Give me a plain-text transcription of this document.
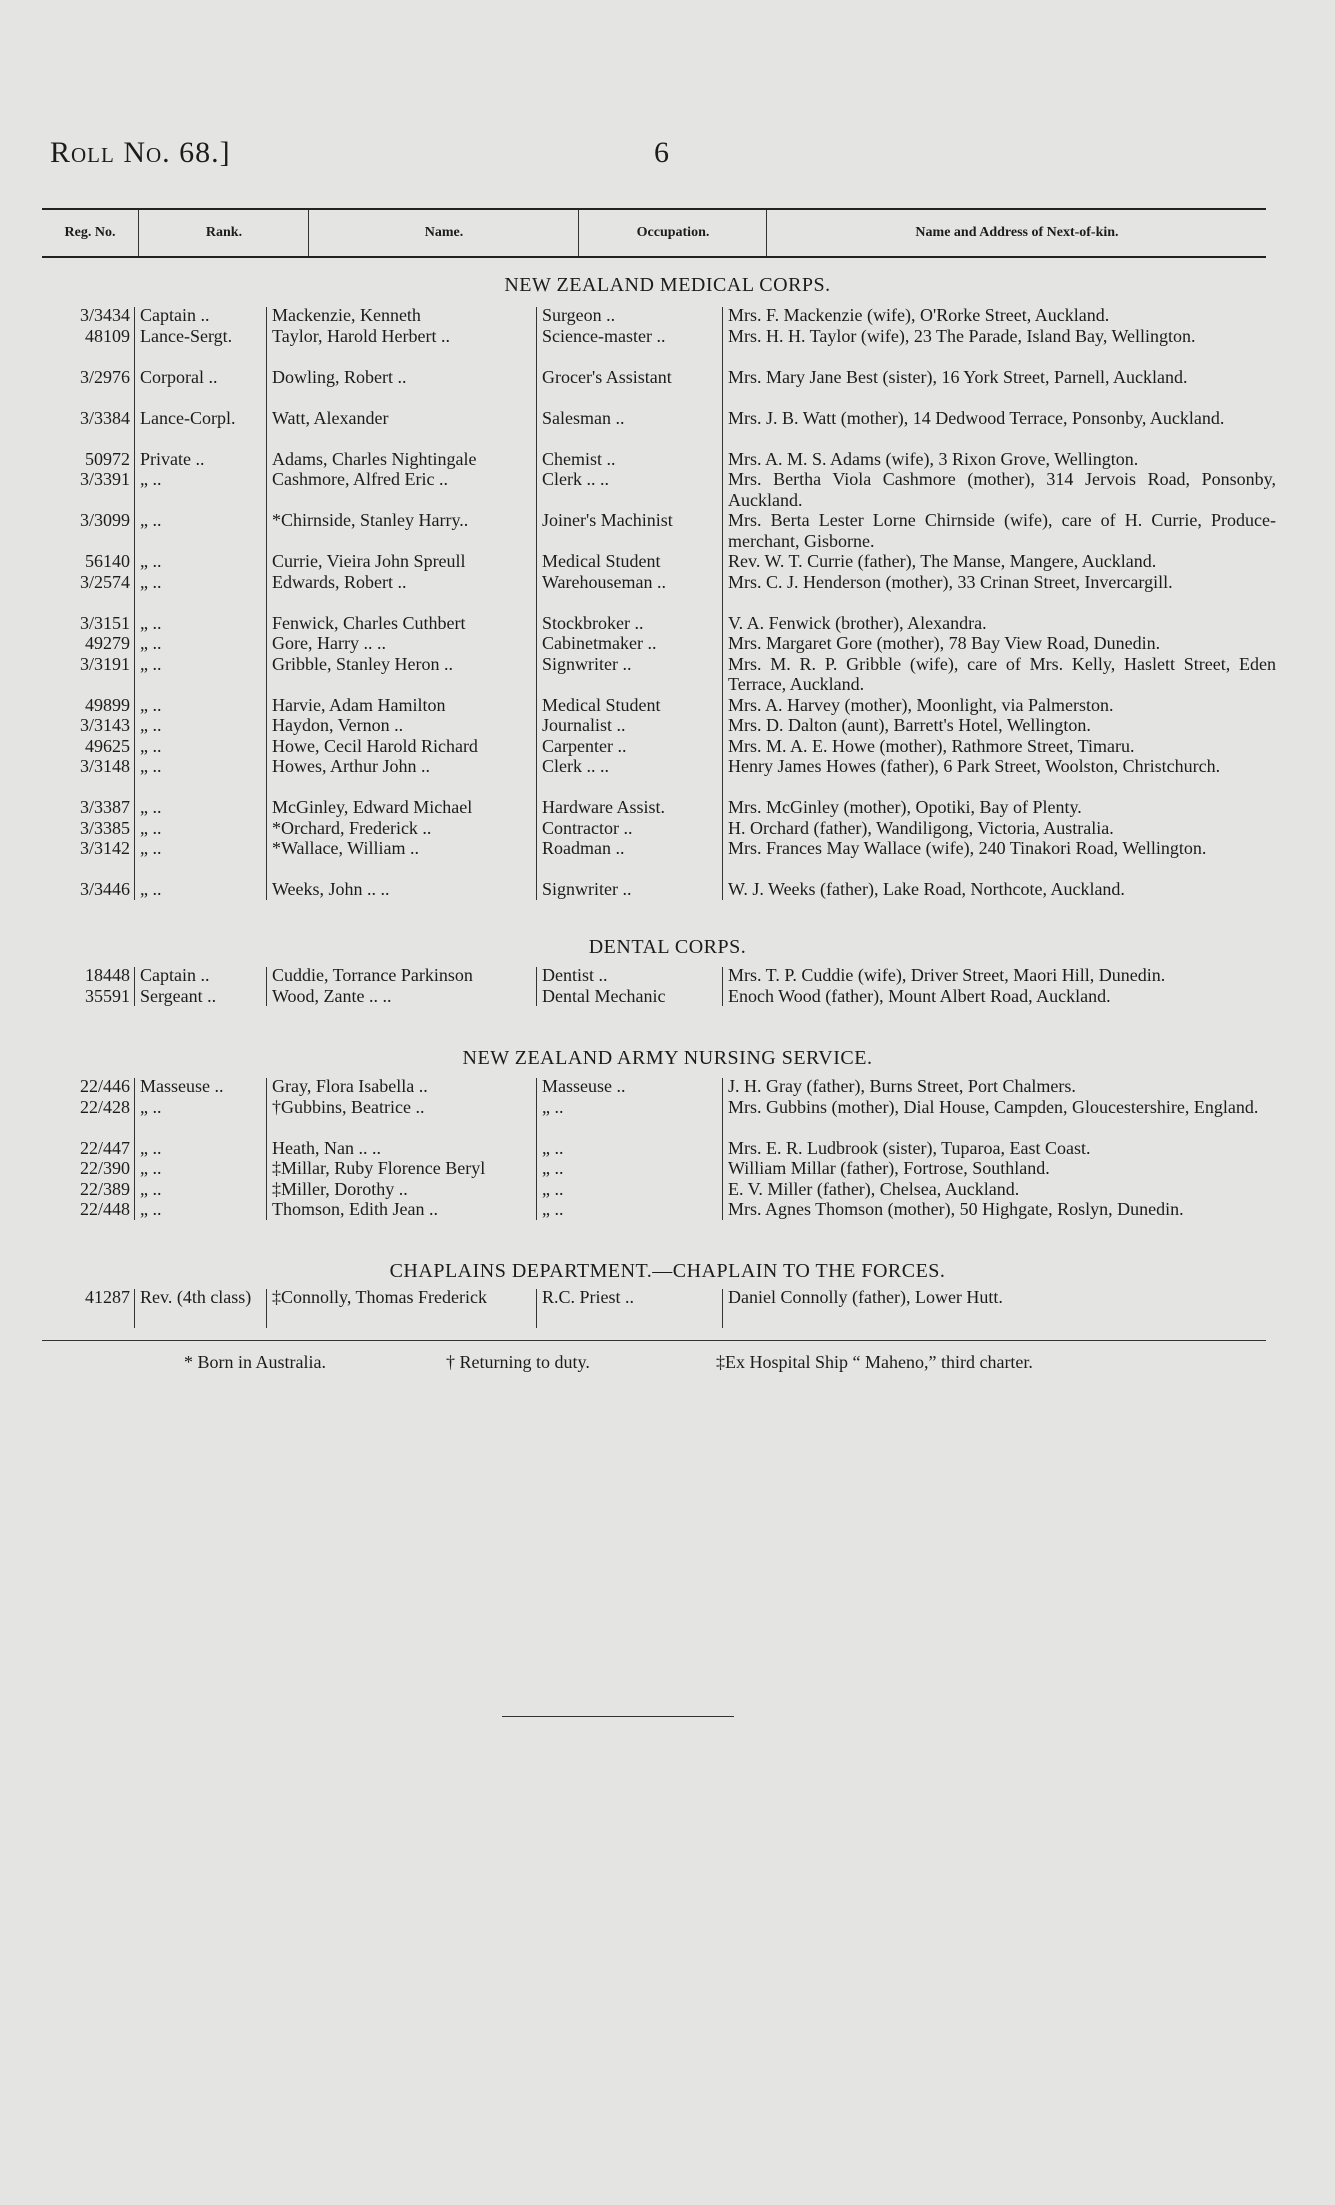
Roll No. 68.]	6
Reg. No.	Rank.	Name.	Occupation.	Name and Address of Next-of-kin.
NEW ZEALAND MEDICAL CORPS.
3/3434 Captain ..	Mackenzie, Kenneth	Surgeon ..	Mrs. F. Mackenzie (wife), O'Rorke Street, Auckland.
48109 Lance-Sergt.	Taylor, Harold Herbert ..	Science-master ..	Mrs. H. H. Taylor (wife), 23 The Parade, Island Bay, Wellington.
3/2976 Corporal ..	Dowling, Robert ..	Grocer's Assistant	Mrs. Mary Jane Best (sister), 16 York Street, Parnell, Auckland.
3/3384 Lance-Corpl.	Watt, Alexander	Salesman ..	Mrs. J. B. Watt (mother), 14 Dedwood Terrace, Ponsonby, Auckland.
50972 Private ..	Adams, Charles Nightingale	Chemist ..	Mrs. A. M. S. Adams (wife), 3 Rixon Grove, Wellington.
3/3391 „ ..	Cashmore, Alfred Eric ..	Clerk .. ..	Mrs. Bertha Viola Cashmore (mother), 314 Jervois Road, Ponsonby, Auckland.
3/3099 „ ..	*Chirnside, Stanley Harry..	Joiner's Machinist	Mrs. Berta Lester Lorne Chirnside (wife), care of H. Currie, Produce-merchant, Gisborne.
56140 „ ..	Currie, Vieira John Spreull	Medical Student	Rev. W. T. Currie (father), The Manse, Mangere, Auckland.
3/2574 „ ..	Edwards, Robert ..	Warehouseman ..	Mrs. C. J. Henderson (mother), 33 Crinan Street, Invercargill.
3/3151 „ ..	Fenwick, Charles Cuthbert	Stockbroker ..	V. A. Fenwick (brother), Alexandra.
49279 „ ..	Gore, Harry .. ..	Cabinetmaker ..	Mrs. Margaret Gore (mother), 78 Bay View Road, Dunedin.
3/3191 „ ..	Gribble, Stanley Heron ..	Signwriter ..	Mrs. M. R. P. Gribble (wife), care of Mrs. Kelly, Haslett Street, Eden Terrace, Auckland.
49899 „ ..	Harvie, Adam Hamilton	Medical Student	Mrs. A. Harvey (mother), Moonlight, via Palmerston.
3/3143 „ ..	Haydon, Vernon ..	Journalist ..	Mrs. D. Dalton (aunt), Barrett's Hotel, Wellington.
49625 „ ..	Howe, Cecil Harold Richard	Carpenter ..	Mrs. M. A. E. Howe (mother), Rathmore Street, Timaru.
3/3148 „ ..	Howes, Arthur John ..	Clerk .. ..	Henry James Howes (father), 6 Park Street, Woolston, Christchurch.
3/3387 „ ..	McGinley, Edward Michael	Hardware Assist.	Mrs. McGinley (mother), Opotiki, Bay of Plenty.
3/3385 „ ..	*Orchard, Frederick ..	Contractor ..	H. Orchard (father), Wandiligong, Victoria, Australia.
3/3142 „ ..	*Wallace, William ..	Roadman ..	Mrs. Frances May Wallace (wife), 240 Tinakori Road, Wellington.
3/3446 „ ..	Weeks, John .. ..	Signwriter ..	W. J. Weeks (father), Lake Road, Northcote, Auckland.
DENTAL CORPS.
18448 Captain ..	Cuddie, Torrance Parkinson	Dentist ..	Mrs. T. P. Cuddie (wife), Driver Street, Maori Hill, Dunedin.
35591 Sergeant ..	Wood, Zante .. ..	Dental Mechanic	Enoch Wood (father), Mount Albert Road, Auckland.
NEW ZEALAND ARMY NURSING SERVICE.
22/446 Masseuse ..	Gray, Flora Isabella ..	Masseuse ..	J. H. Gray (father), Burns Street, Port Chalmers.
22/428 „ ..	†Gubbins, Beatrice ..	„ ..	Mrs. Gubbins (mother), Dial House, Campden, Gloucestershire, England.
22/447 „ ..	Heath, Nan .. ..	„ ..	Mrs. E. R. Ludbrook (sister), Tuparoa, East Coast.
22/390 „ ..	‡Millar, Ruby Florence Beryl	„ ..	William Millar (father), Fortrose, Southland.
22/389 „ ..	‡Miller, Dorothy ..	„ ..	E. V. Miller (father), Chelsea, Auckland.
22/448 „ ..	Thomson, Edith Jean ..	„ ..	Mrs. Agnes Thomson (mother), 50 Highgate, Roslyn, Dunedin.
CHAPLAINS DEPARTMENT.—CHAPLAIN TO THE FORCES.
41287 Rev. (4th class)	‡Connolly, Thomas Frederick	R.C. Priest ..	Daniel Connolly (father), Lower Hutt.
* Born in Australia.	† Returning to duty.	‡Ex Hospital Ship “ Maheno,” third charter.
